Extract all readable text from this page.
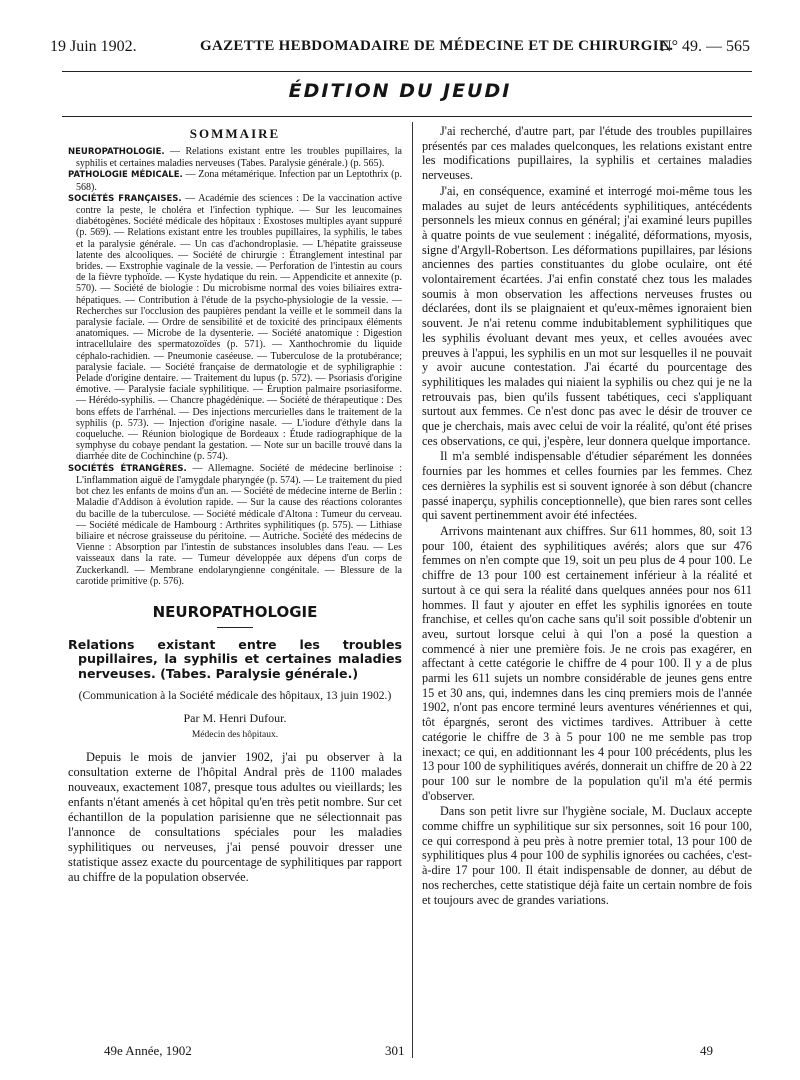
19 Juin 1902.	GAZETTE HEBDOMADAIRE DE MÉDECINE ET DE CHIRURGIE.
N° 49. — 565
ÉDITION DU JEUDI
SOMMAIRE

NEUROPATHOLOGIE. — Relations existant entre les troubles pupillaires, la syphilis et certaines maladies nerveuses (Tabes. Paralysie générale.) (p. 565).

PATHOLOGIE MÉDICALE. — Zona métamérique. Infection par un Leptothrix (p. 568).

SOCIÉTÉS FRANÇAISES. — Académie des sciences : De la vaccination active contre la peste, le choléra et l'infection typhique. — Sur les leucomaines diabétogènes. Société médicale des hôpitaux : Exostoses multiples ayant suppuré (p. 569). — Relations existant entre les troubles pupillaires, la syphilis, le tabes et la paralysie générale. — Un cas d'achondroplasie. — L'hépatite graisseuse latente des alcooliques. — Société de chirurgie : Étranglement intestinal par brides. — Exstrophie vaginale de la vessie. — Perforation de l'intestin au cours de la fièvre typhoïde. — Kyste hydatique du rein. — Appendicite et annexite (p. 570). — Société de biologie : Du microbisme normal des voies biliaires extra-hépatiques. — Contribution à l'étude de la psycho-physiologie de la vessie. — Recherches sur l'occlusion des paupières pendant la veille et le sommeil dans la paralysie faciale. — Ordre de sensibilité et de toxicité des principaux éléments anatomiques. — Microbe de la dysenterie. — Société anatomique : Digestion intracellulaire des spermatozoïdes (p. 571). — Xanthochromie du liquide céphalo-rachidien. — Pneumonie caséeuse. — Tuberculose de la protubérance; paralysie faciale. — Société française de dermatologie et de syphiligraphie : Pelade d'origine dentaire. — Traitement du lupus (p. 572). — Psoriasis d'origine émotive. — Paralysie faciale syphilitique. — Éruption palmaire psoriasiforme. — Hérédo-syphilis. — Chancre phagédénique. — Société de thérapeutique : Des bons effets de l'arrhénal. — Des injections mercurielles dans le traitement de la syphilis (p. 573). — Injection d'origine nasale. — L'iodure d'éthyle dans la coqueluche. — Réunion biologique de Bordeaux : Étude radiographique de la symphyse du cobaye pendant la gestation. — Note sur un bacille trouvé dans la diarrhée dite de Cochinchine (p. 574).

SOCIÉTÉS ÉTRANGÈRES. — Allemagne. Société de médecine berlinoise : L'inflammation aiguë de l'amygdale pharyngée (p. 574). — Le traitement du pied bot chez les enfants de moins d'un an. — Société de médecine interne de Berlin : Maladie d'Addison à évolution rapide. — Sur la cause des réactions colorantes du bacille de la tuberculose. — Société médicale d'Altona : Tumeur du cerveau. — Société médicale de Hambourg : Arthrites syphilitiques (p. 575). — Lithiase biliaire et nécrose graisseuse du péritoine. — Autriche. Société des médecins de Vienne : Absorption par l'intestin de substances insolubles dans l'eau. — Les vaisseaux dans la rate. — Tumeur développée aux dépens d'un corps de Zuckerkandl. — Membrane endolaryngienne congénitale. — Blessure de la carotide primitive (p. 576).

NEUROPATHOLOGIE
Relations existant entre les troubles pupillaires, la syphilis et certaines maladies nerveuses. (Tabes. Paralysie générale.)
(Communication à la Société médicale des hôpitaux, 13 juin 1902.)
Par M. Henri Dufour.
Médecin des hôpitaux.

Depuis le mois de janvier 1902, j'ai pu observer à la consultation externe de l'hôpital Andral près de 1100 malades nouveaux, exactement 1087, presque tous adultes ou vieillards; les enfants n'étant amenés à cet hôpital qu'en très petit nombre. Sur cet échantillon de la population parisienne que ne sélectionnait pas l'annonce de consultations spéciales pour les maladies syphilitiques ou nerveuses, j'ai pensé pouvoir dresser une statistique assez exacte du pourcentage de syphilitiques par rapport au chiffre de la population observée.

J'ai recherché, d'autre part, par l'étude des troubles pupillaires présentés par ces malades quelconques, les relations existant entre les modifications pupillaires, la syphilis et certaines maladies nerveuses.

J'ai, en conséquence, examiné et interrogé moi-même tous les malades au sujet de leurs antécédents syphilitiques, antécédents personnels les mieux connus en général; j'ai examiné leurs pupilles à quatre points de vue seulement : inégalité, déformations, myosis, signe d'Argyll-Robertson. Les déformations pupillaires, par lésions anciennes des parties constituantes du globe oculaire, ont été volontairement écartées. J'ai enfin constaté chez tous les malades soumis à mon observation les affections nerveuses frustes ou déclarées, dont ils se plaignaient et qu'eux-mêmes ignoraient bien souvent. Je n'ai retenu comme indubitablement syphilitiques que les syphilis évoluant devant mes yeux, et celles avouées avec preuves à l'appui, les syphilis en un mot sur lesquelles il ne pouvait y avoir aucune contestation. J'ai écarté du pourcentage des syphilitiques les malades qui niaient la syphilis ou chez qui je ne la retrouvais pas, bien qu'ils fussent tabétiques, ceci s'appliquant surtout aux femmes. Ce n'est donc pas avec le désir de trouver ce que je cherchais, mais avec celui de voir la réalité, qu'ont été prises ces observations, ce qui, j'espère, leur donnera quelque importance.

Il m'a semblé indispensable d'étudier séparément les données fournies par les hommes et celles fournies par les femmes. Chez ces dernières la syphilis est si souvent ignorée à son début (chancre passé inaperçu, syphilis conceptionnelle), que bien rares sont celles qui savent pertinemment avoir été infectées.

Arrivons maintenant aux chiffres. Sur 611 hommes, 80, soit 13 pour 100, étaient des syphilitiques avérés; alors que sur 476 femmes on n'en compte que 19, soit un peu plus de 4 pour 100. Le chiffre de 13 pour 100 est certainement inférieur à la réalité et surtout à ce qui sera la réalité dans quelques années pour nos 611 hommes. Il faut y ajouter en effet les syphilis ignorées en toute franchise, et celles qu'on cache sans qu'il soit possible d'obtenir un aveu, surtout lorsque celui à qui l'on a posé la question a commencé à nier une première fois. Je ne crois pas exagérer, en affectant à cette catégorie le chiffre de 4 pour 100. Il y a de plus parmi les 611 sujets un nombre considérable de jeunes gens entre 15 et 30 ans, qui, indemnes dans les cinq premiers mois de l'année 1902, n'ont pas encore terminé leurs aventures vénériennes et qui, tôt épargnés, seront des victimes tardives. Attribuer à cette catégorie le chiffre de 3 à 5 pour 100 ne me semble pas trop inexact; ce qui, en additionnant les 4 pour 100 précédents, plus les 13 pour 100 de syphilitiques avérés, donnerait un chiffre de 20 à 22 pour 100 sur le nombre de la population qu'il m'a été permis d'observer.

Dans son petit livre sur l'hygiène sociale, M. Duclaux accepte comme chiffre un syphilitique sur six personnes, soit 16 pour 100, ce qui correspond à peu près à notre premier total, 13 pour 100 de syphilitiques plus 4 pour 100 de syphilis ignorées ou cachées, c'est-à-dire 17 pour 100. Il était indispensable de donner, au début de nos recherches, cette statistique déjà faite un certain nombre de fois et toujours avec de grandes variations.

49e Année, 1902	301	49
